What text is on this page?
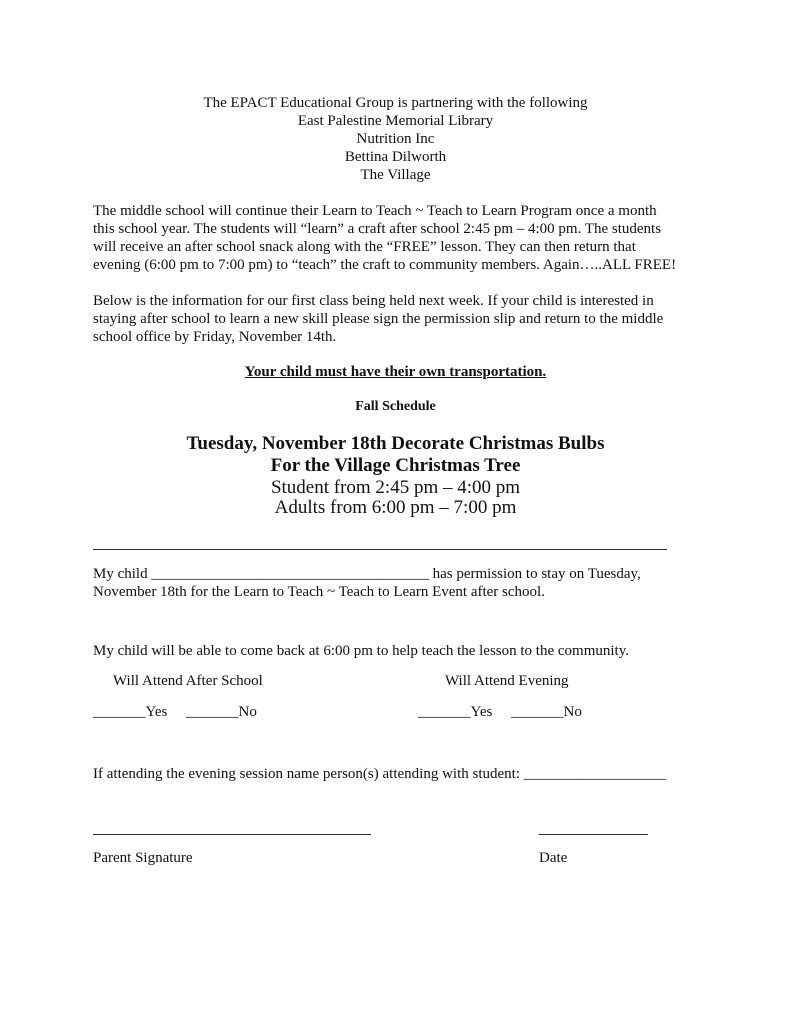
The EPACT Educational Group is partnering with the following
East Palestine Memorial Library
Nutrition Inc
Bettina Dilworth
The Village
The middle school will continue their Learn to Teach ~ Teach to Learn Program once a month
this school year. The students will “learn” a craft after school 2:45 pm – 4:00 pm. The students
will receive an after school snack along with the “FREE” lesson. They can then return that
evening (6:00 pm to 7:00 pm) to “teach” the craft to community members. Again…..ALL FREE!
Below is the information for our first class being held next week. If your child is interested in
staying after school to learn a new skill please sign the permission slip and return to the middle
school office by Friday, November 14th.
Your child must have their own transportation.
Fall Schedule
Tuesday, November 18th Decorate Christmas Bulbs
For the Village Christmas Tree
Student from 2:45 pm – 4:00 pm
Adults from 6:00 pm – 7:00 pm
My child _____________________________________ has permission to stay on Tuesday,
November 18th for the Learn to Teach ~ Teach to Learn Event after school.
My child will be able to come back at 6:00 pm to help teach the lesson to the community.
Will Attend After School	Will Attend Evening
_______Yes _______No	_______Yes _______No
If attending the evening session name person(s) attending with student: ___________________
Parent Signature	Date
